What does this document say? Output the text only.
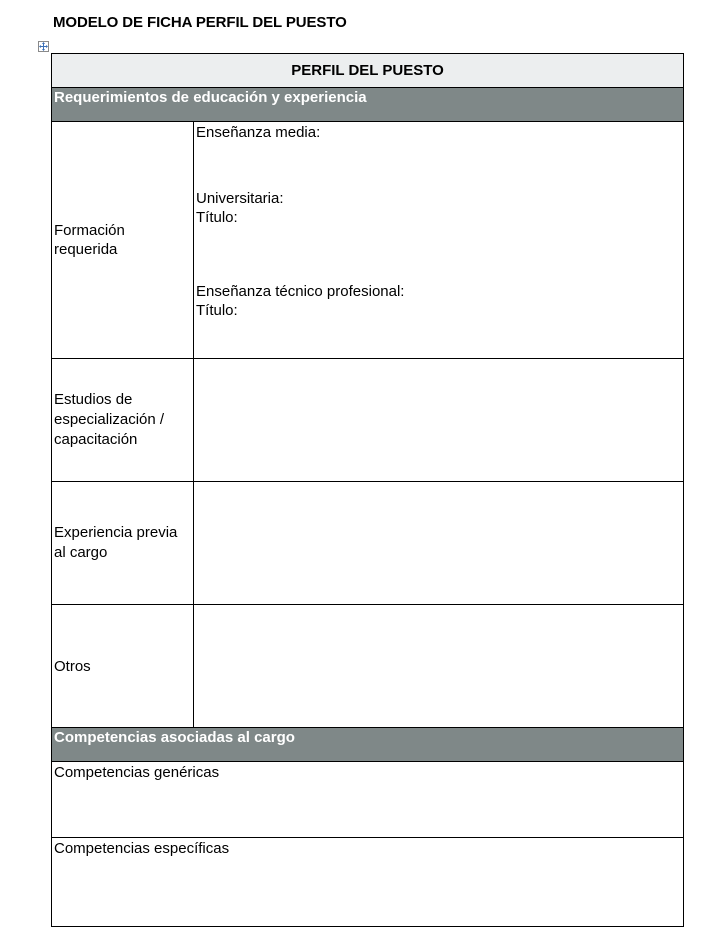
MODELO DE FICHA PERFIL DEL PUESTO
PERFIL DEL PUESTO	

Requerimientos de educación y experiencia	

Formación
requerida	Enseñanza media:
Universitaria:
Título:
Enseñanza técnico profesional:
Título:

Estudios de
especialización /
capacitación	

Experiencia previa
al cargo	

Otros	

Competencias asociadas al cargo	

Competencias genéricas	

Competencias específicas	
